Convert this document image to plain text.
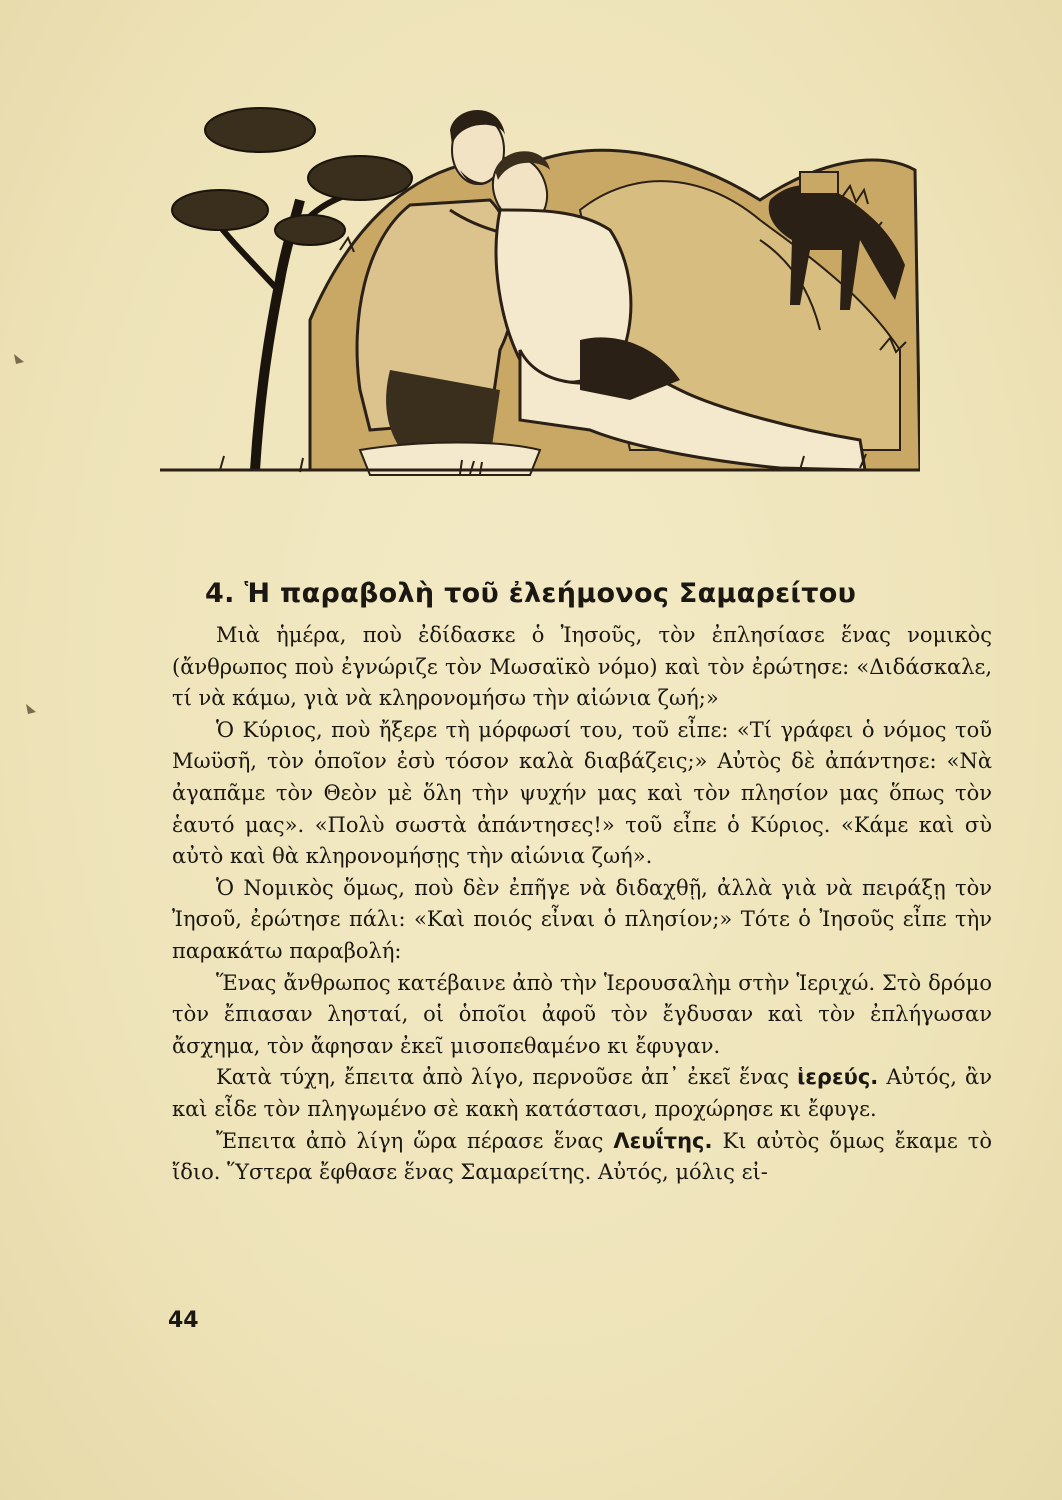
4. Ἡ παραβολὴ τοῦ ἐλεήμονος Σαμαρείτου

Μιὰ ἡμέρα, ποὺ ἐδίδασκε ὁ Ἰησοῦς, τὸν ἐπλησίασε ἕνας νομικὸς (ἄνθρωπος ποὺ ἐγνώριζε τὸν Μωσαϊκὸ νόμο) καὶ τὸν ἐρώτησε: «Διδάσκαλε, τί νὰ κάμω, γιὰ νὰ κληρονομήσω τὴν αἰώνια ζωή;»

Ὁ Κύριος, ποὺ ἤξερε τὴ μόρφωσί του, τοῦ εἶπε: «Τί γράφει ὁ νόμος τοῦ Μωϋσῆ, τὸν ὁποῖον ἐσὺ τόσον καλὰ διαβάζεις;» Αὐτὸς δὲ ἀπάντησε: «Νὰ ἀγαπᾶμε τὸν Θεὸν μὲ ὅλη τὴν ψυχήν μας καὶ τὸν πλησίον μας ὅπως τὸν ἑαυτό μας». «Πολὺ σωστὰ ἀπάντησες!» τοῦ εἶπε ὁ Κύριος. «Κάμε καὶ σὺ αὐτὸ καὶ θὰ κληρονομήσῃς τὴν αἰώνια ζωή».

Ὁ Νομικὸς ὅμως, ποὺ δὲν ἐπῆγε νὰ διδαχθῇ, ἀλλὰ γιὰ νὰ πειράξῃ τὸν Ἰησοῦ, ἐρώτησε πάλι: «Καὶ ποιός εἶναι ὁ πλησίον;» Τότε ὁ Ἰησοῦς εἶπε τὴν παρακάτω παραβολή:

Ἕνας ἄνθρωπος κατέβαινε ἀπὸ τὴν Ἱερουσαλὴμ στὴν Ἱεριχώ. Στὸ δρόμο τὸν ἔπιασαν λησταί, οἱ ὁποῖοι ἀφοῦ τὸν ἔγδυσαν καὶ τὸν ἐπλήγωσαν ἄσχημα, τὸν ἄφησαν ἐκεῖ μισοπεθαμένο κι ἔφυγαν.

Κατὰ τύχη, ἔπειτα ἀπὸ λίγο, περνοῦσε ἀπ᾽ ἐκεῖ ἕνας ἱερεύς. Αὐτός, ἂν καὶ εἶδε τὸν πληγωμένο σὲ κακὴ κατάστασι, προχώρησε κι ἔφυγε.

Ἔπειτα ἀπὸ λίγη ὥρα πέρασε ἕνας Λευΐτης. Κι αὐτὸς ὅμως ἔκαμε τὸ ἴδιο. Ὕστερα ἔφθασε ἕνας Σαμαρείτης. Αὐτός, μόλις εἰ-

44
